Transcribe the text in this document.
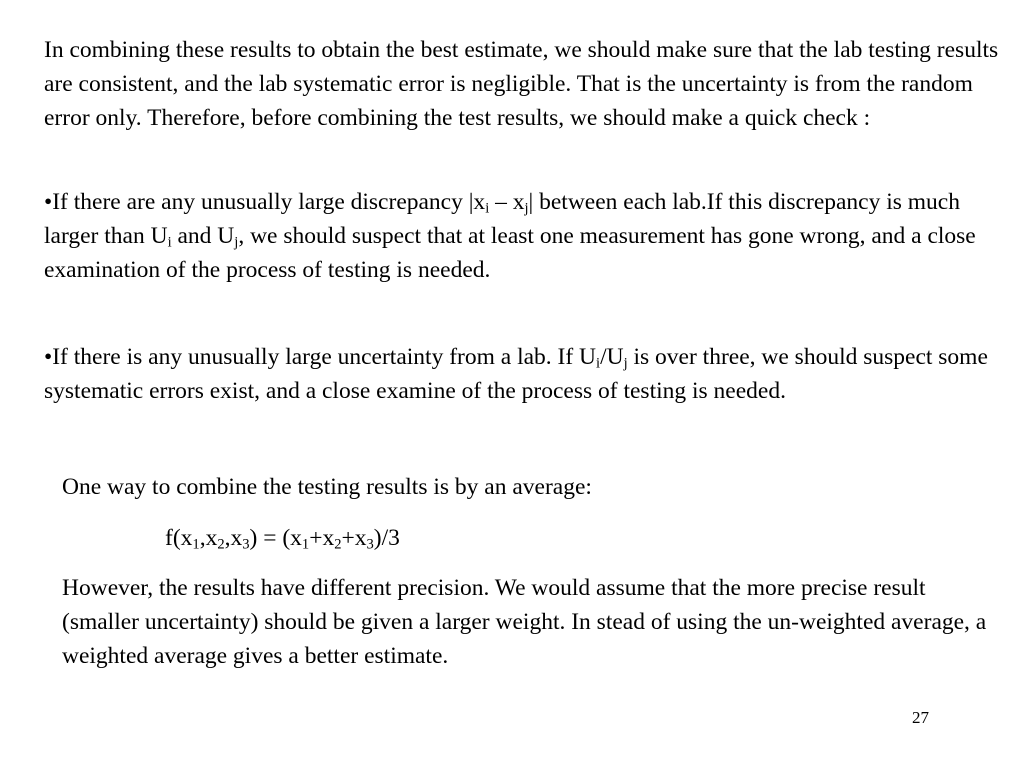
In combining these results to obtain the best estimate, we should make sure that the lab testing results are consistent, and the lab systematic error is negligible. That is the uncertainty is from the random error only. Therefore, before combining the test results, we should make a quick check :

•If there are any unusually large discrepancy $|x_i - x_j|$ between each lab.If this discrepancy is much larger than $U_i$ and $U_j$, we should suspect that at least one measurement has gone wrong, and a close examination of the process of testing is needed.

•If there is any unusually large uncertainty from a lab. If $U_i/U_j$ is over three, we should suspect some systematic errors exist, and a close examine of the process of testing is needed.

One way to combine the testing results is by an average:

$f(x_1,x_2,x_3) = (x_1+x_2+x_3)/3$

However, the results have different precision. We would assume that the more precise result (smaller uncertainty) should be given a larger weight. In stead of using the un-weighted average, a weighted average gives a better estimate.

27
